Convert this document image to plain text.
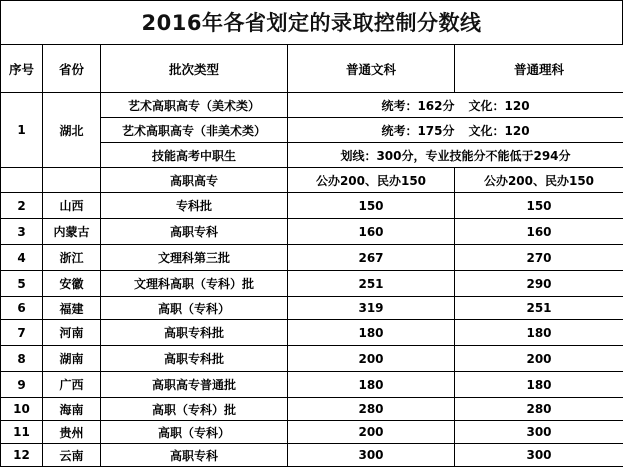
2016年各省划定的录取控制分数线
序号	省份	批次类型	普通文科	普通理科
1	湖北	艺术高职高专（美术类）	统考：162分 文化：120	
		艺术高职高专（非美术类）	统考：175分 文化：120	
		技能高考中职生	划线：300分，专业技能分不能低于294分	
		高职高专	公办200、民办150	公办200、民办150
2	山西	专科批	150	150
3	内蒙古	高职专科	160	160
4	浙江	文理科第三批	267	270
5	安徽	文理科高职（专科）批	251	290
6	福建	高职（专科）	319	251
7	河南	高职专科批	180	180
8	湖南	高职专科批	200	200
9	广西	高职高专普通批	180	180
10	海南	高职（专科）批	280	280
11	贵州	高职（专科）	200	300
12	云南	高职专科	300	300
